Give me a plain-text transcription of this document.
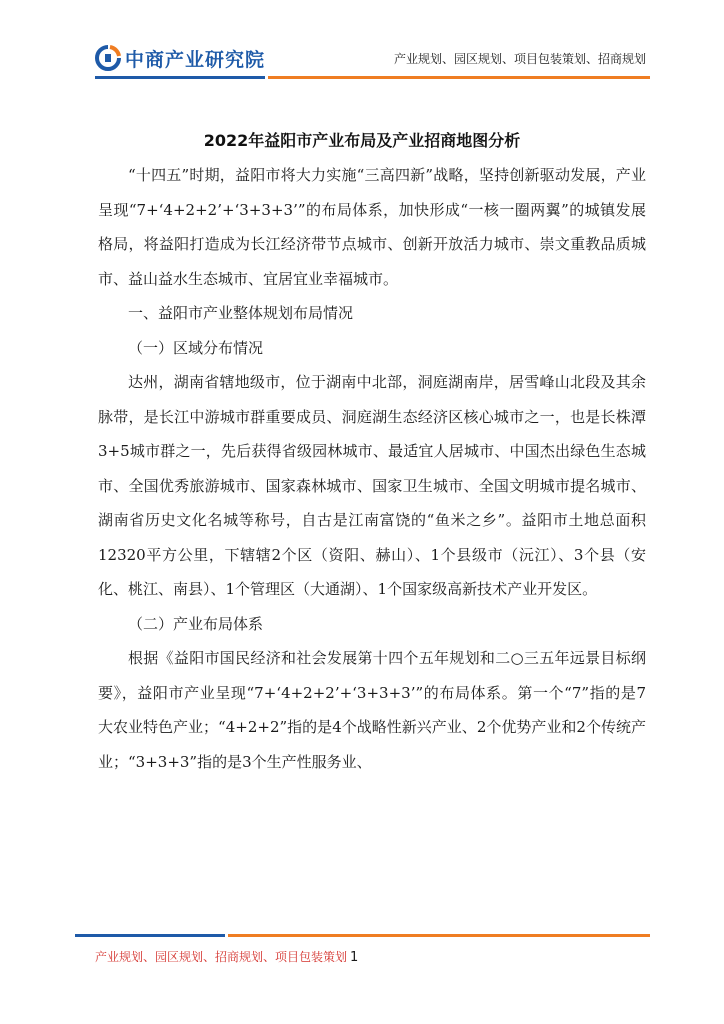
中商产业研究院	产业规划、园区规划、项目包装策划、招商规划
2022年益阳市产业布局及产业招商地图分析

“十四五”时期，益阳市将大力实施“三高四新”战略，坚持创新驱动发展，产业呈现“7+‘4+2+2’+‘3+3+3’”的布局体系，加快形成“一核一圈两翼”的城镇发展格局，将益阳打造成为长江经济带节点城市、创新开放活力城市、崇文重教品质城市、益山益水生态城市、宜居宜业幸福城市。

一、益阳市产业整体规划布局情况

（一）区域分布情况

达州，湖南省辖地级市，位于湖南中北部，洞庭湖南岸，居雪峰山北段及其余脉带，是长江中游城市群重要成员、洞庭湖生态经济区核心城市之一，也是长株潭3+5城市群之一，先后获得省级园林城市、最适宜人居城市、中国杰出绿色生态城市、全国优秀旅游城市、国家森林城市、国家卫生城市、全国文明城市提名城市、湖南省历史文化名城等称号，自古是江南富饶的“鱼米之乡”。益阳市土地总面积12320平方公里，下辖辖2个区（资阳、赫山）、1个县级市（沅江）、3个县（安化、桃江、南县）、1个管理区（大通湖）、1个国家级高新技术产业开发区。

（二）产业布局体系

根据《益阳市国民经济和社会发展第十四个五年规划和二○三五年远景目标纲要》，益阳市产业呈现“7+‘4+2+2’+‘3+3+3’”的布局体系。第一个“7”指的是7大农业特色产业；“4+2+2”指的是4个战略性新兴产业、2个优势产业和2个传统产业；“3+3+3”指的是3个生产性服务业、

产业规划、园区规划、招商规划、项目包装策划 1
